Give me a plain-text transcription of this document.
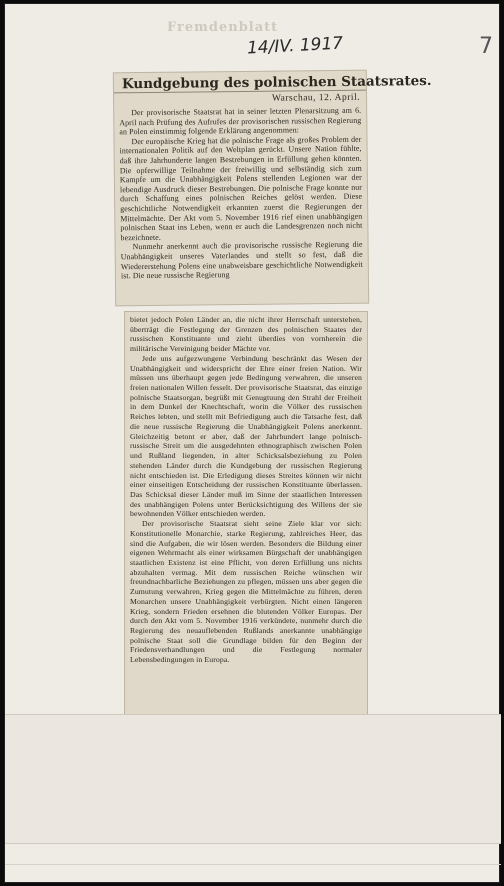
Fremdenblatt
14/IV. 1917	7
Kundgebung des polnischen Staatsrates.
Warschau, 12. April.

Der provisorische Staatsrat hat in seiner letzten Plenarsitzung am 6. April nach Prüfung des Aufrufes der provisorischen russischen Regierung an Polen einstimmig folgende Erklärung angenommen:

Der europäische Krieg hat die polnische Frage als großes Problem der internationalen Politik auf den Weltplan gerückt. Unsere Nation fühlte, daß ihre Jahrhunderte langen Bestrebungen in Erfüllung gehen könnten. Die opferwillige Teilnahme der freiwillig und selbständig sich zum Kampfe um die Unabhängigkeit Polens stellenden Legionen war der lebendige Ausdruck dieser Bestrebungen. Die polnische Frage konnte nur durch Schaffung eines polnischen Reiches gelöst werden. Diese geschichtliche Notwendigkeit erkannten zuerst die Regierungen der Mittelmächte. Der Akt vom 5. November 1916 rief einen unabhängigen polnischen Staat ins Leben, wenn er auch die Landesgrenzen noch nicht bezeichnete.

Nunmehr anerkennt auch die provisorische russische Regierung die Unabhängigkeit unseres Vaterlandes und stellt so fest, daß die Wiedererstehung Polens eine unabweisbare geschichtliche Notwendigkeit ist. Die neue russische Regierung

bietet jedoch Polen Länder an, die nicht ihrer Herrschaft unterstehen, überträgt die Festlegung der Grenzen des polnischen Staates der russischen Konstituante und zieht überdies von vornherein die militärische Vereinigung beider Mächte vor.

Jede uns aufgezwungene Verbindung beschränkt das Wesen der Unabhängigkeit und widerspricht der Ehre einer freien Nation. Wir müssen uns überhaupt gegen jede Bedingung verwahren, die unseren freien nationalen Willen fesselt. Der provisorische Staatsrat, das einzige polnische Staatsorgan, begrüßt mit Genugtuung den Strahl der Freiheit in dem Dunkel der Knechtschaft, worin die Völker des russischen Reiches lebten, und stellt mit Befriedigung auch die Tatsache fest, daß die neue russische Regierung die Unabhängigkeit Polens anerkennt. Gleichzeitig betont er aber, daß der Jahrhundert lange polnisch-russische Streit um die ausgedehnten ethnographisch zwischen Polen und Rußland liegenden, in alter Schicksalsbeziehung zu Polen stehenden Länder durch die Kundgebung der russischen Regierung nicht entschieden ist. Die Erledigung dieses Streites können wir nicht einer einseitigen Entscheidung der russischen Konstituante überlassen. Das Schicksal dieser Länder muß im Sinne der staatlichen Interessen des unabhängigen Polens unter Berücksichtigung des Willens der sie bewohnenden Völker entschieden werden.

Der provisorische Staatsrat sieht seine Ziele klar vor sich: Konstitutionelle Monarchie, starke Regierung, zahlreiches Heer, das sind die Aufgaben, die wir lösen werden. Besonders die Bildung einer eigenen Wehrmacht als einer wirksamen Bürgschaft der unabhängigen staatlichen Existenz ist eine Pflicht, von deren Erfüllung uns nichts abzuhalten vermag. Mit dem russischen Reiche wünschen wir freundnachbarliche Beziehungen zu pflegen, müssen uns aber gegen die Zumutung verwahren, Krieg gegen die Mittelmächte zu führen, deren Monarchen unsere Unabhängigkeit verbürgten. Nicht einen längeren Krieg, sondern Frieden ersehnen die blutenden Völker Europas. Der durch den Akt vom 5. November 1916 verkündete, nunmehr durch die Regierung des neuauflebenden Rußlands anerkannte unabhängige polnische Staat soll die Grundlage bilden für den Beginn der Friedensverhandlungen und die Festlegung normaler Lebensbedingungen in Europa.
